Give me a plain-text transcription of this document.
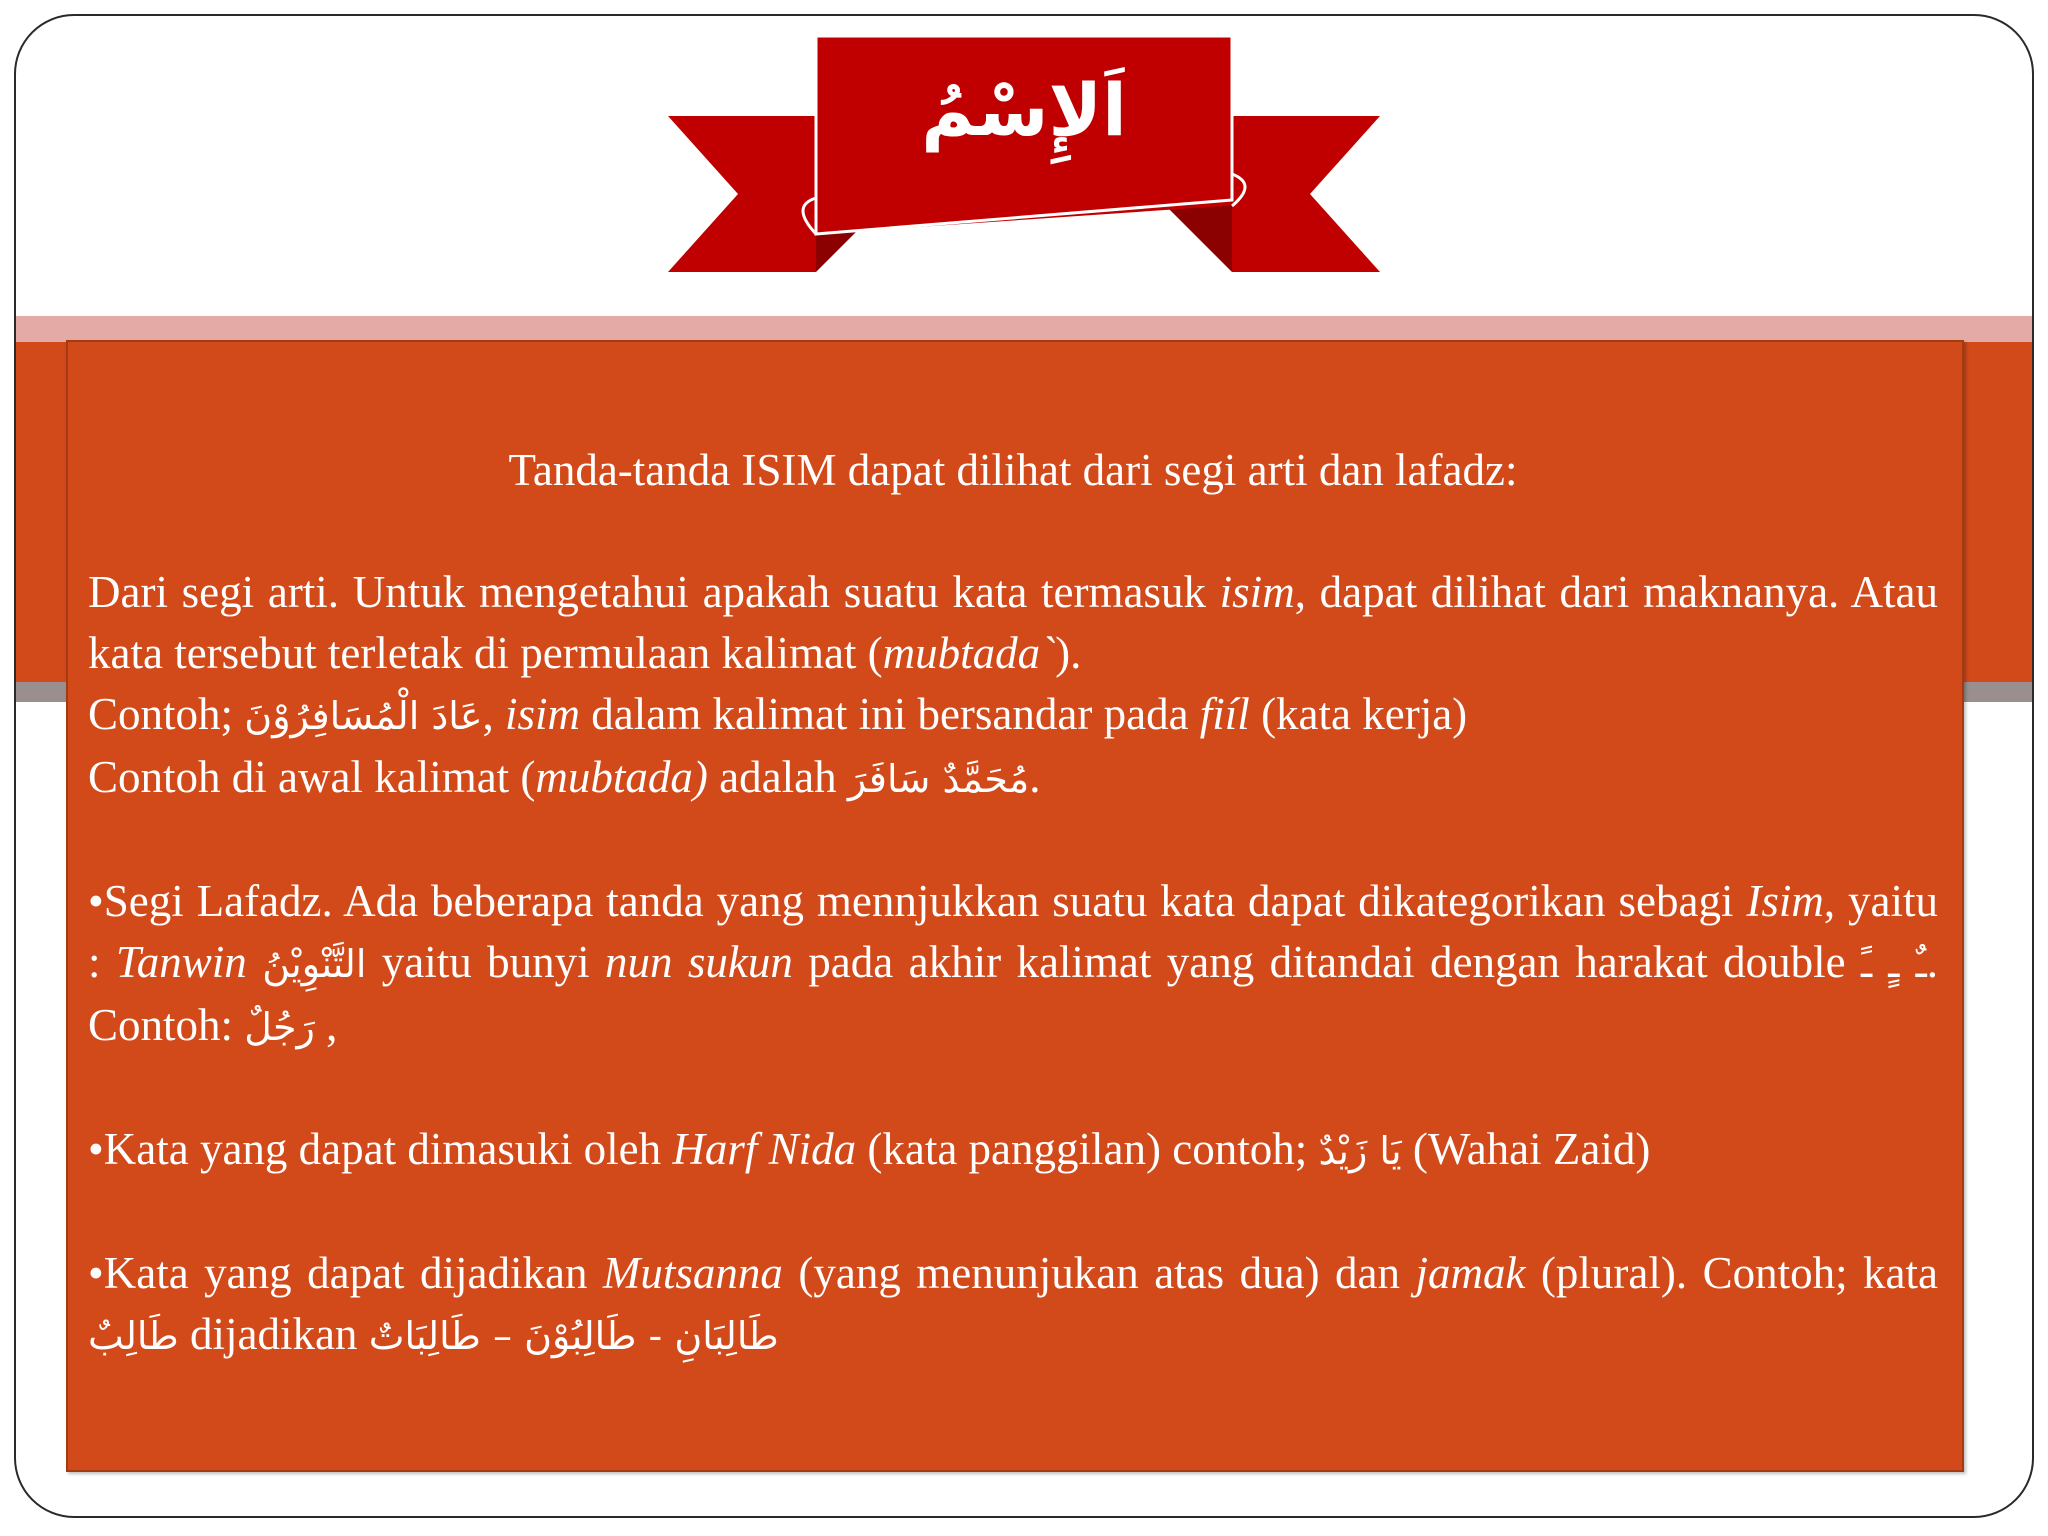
اَلإِسْمُ

Tanda-tanda ISIM dapat dilihat dari segi arti dan lafadz:

Dari segi arti. Untuk mengetahui apakah suatu kata termasuk isim, dapat dilihat dari maknanya. Atau kata tersebut terletak di permulaan kalimat (mubtada`).

Contoh; عَادَ الْمُسَافِرُوْنَ, isim dalam kalimat ini bersandar pada fiíl (kata kerja)

Contoh di awal kalimat (mubtada) adalah مُحَمَّدٌ سَافَرَ.

•Segi Lafadz. Ada beberapa tanda yang mennjukkan suatu kata dapat dikategorikan sebagi Isim, yaitu : Tanwin التَّنْوِيْنُ yaitu bunyi nun sukun pada akhir kalimat yang ditandai dengan harakat double ـٌ ـٍ ـً. Contoh: رَجُلٌ ,

•Kata yang dapat dimasuki oleh Harf Nida (kata panggilan) contoh; يَا زَيْدٌ (Wahai Zaid)

•Kata yang dapat dijadikan Mutsanna (yang menunjukan atas dua) dan jamak (plural). Contoh; kata طَالِبٌ dijadikan طَالِبَانِ - طَالِبُوْنَ – طَالِبَاتٌ
